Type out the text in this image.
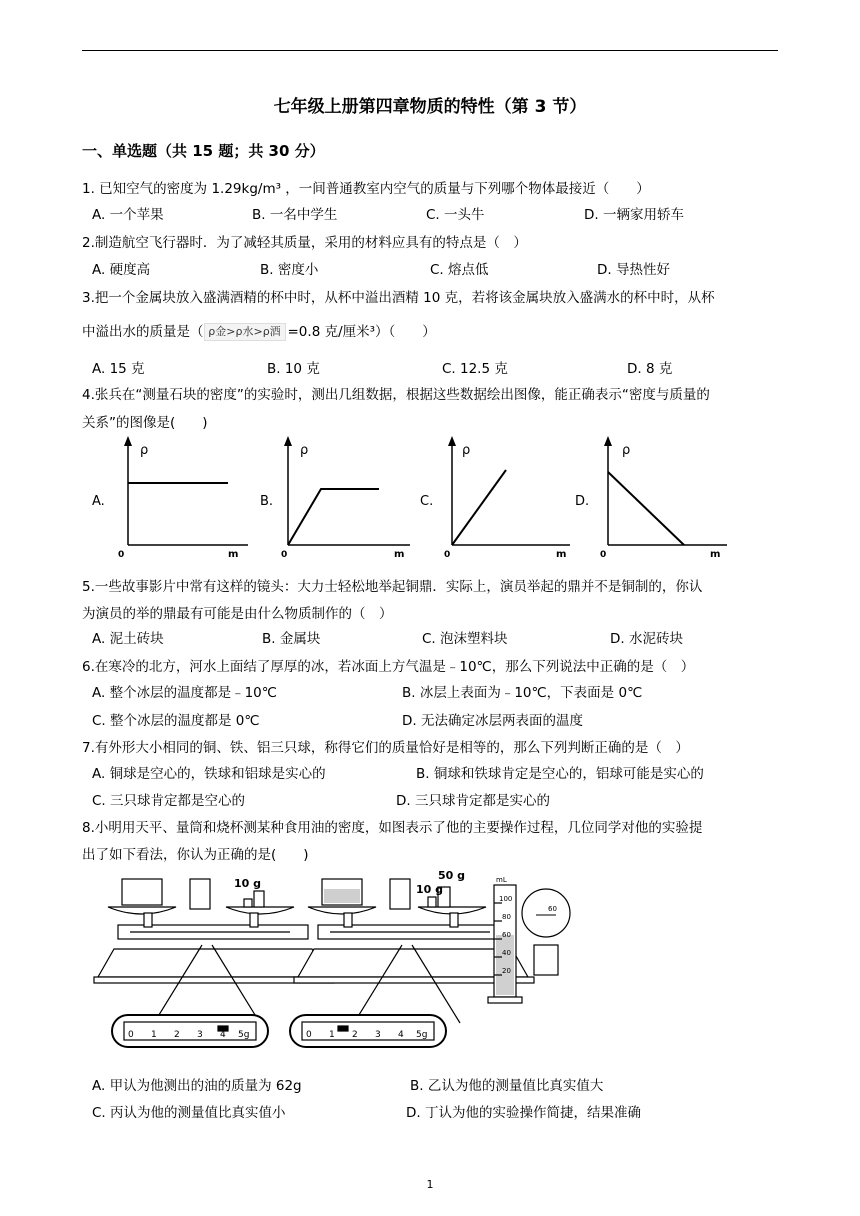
七年级上册第四章物质的特性（第 3 节）
一、单选题（共 15 题；共 30 分）
1. 已知空气的密度为 1.29kg/m³ ，一间普通教室内空气的质量与下列哪个物体最接近（　　）
A. 一个苹果	B. 一名中学生	C. 一头牛	D. 一辆家用轿车
2.制造航空飞行器时．为了减轻其质量，采用的材料应具有的特点是（　）
A. 硬度高	B. 密度小	C. 熔点低	D. 导热性好
3.把一个金属块放入盛满酒精的杯中时，从杯中溢出酒精 10 克，若将该金属块放入盛满水的杯中时，从杯
中溢出水的质量是（ ρ金>ρ水>ρ酒 =0.8 克/厘米³）（　　）
A. 15 克	B. 10 克	C. 12.5 克	D. 8 克
4.张兵在“测量石块的密度”的实验时，测出几组数据，根据这些数据绘出图像，能正确表示“密度与质量的
关系”的图像是(　　)
A.	B.	C.	D.
ρ
0	m
ρ
0	m
ρ
0	m
ρ
0	m
5.一些故事影片中常有这样的镜头：大力士轻松地举起铜鼎．实际上，演员举起的鼎并不是铜制的，你认
为演员的举的鼎最有可能是由什么物质制作的（　）
A. 泥土砖块	B. 金属块	C. 泡沫塑料块	D. 水泥砖块
6.在寒冷的北方，河水上面结了厚厚的冰，若冰面上方气温是﹣10℃，那么下列说法中正确的是（　）
A. 整个冰层的温度都是﹣10℃	B. 冰层上表面为﹣10℃，下表面是 0℃
C. 整个冰层的温度都是 0℃	D. 无法确定冰层两表面的温度
7.有外形大小相同的铜、铁、铝三只球，称得它们的质量恰好是相等的，那么下列判断正确的是（　）
A. 铜球是空心的，铁球和铝球是实心的	B. 铜球和铁球肯定是空心的，铝球可能是实心的
C. 三只球肯定都是空心的	D. 三只球肯定都是实心的
8.小明用天平、量筒和烧杯测某种食用油的密度，如图表示了他的主要操作过程，几位同学对他的实验提
出了如下看法，你认为正确的是(　　)
10 g	10 g
50 g
0 1 2 3 4 5g	0 1 2 3 4 5g
mL
100
80
60
40
20
60
A. 甲认为他测出的油的质量为 62g	B. 乙认为他的测量值比真实值大
C. 丙认为他的测量值比真实值小	D. 丁认为他的实验操作简捷，结果准确
1
